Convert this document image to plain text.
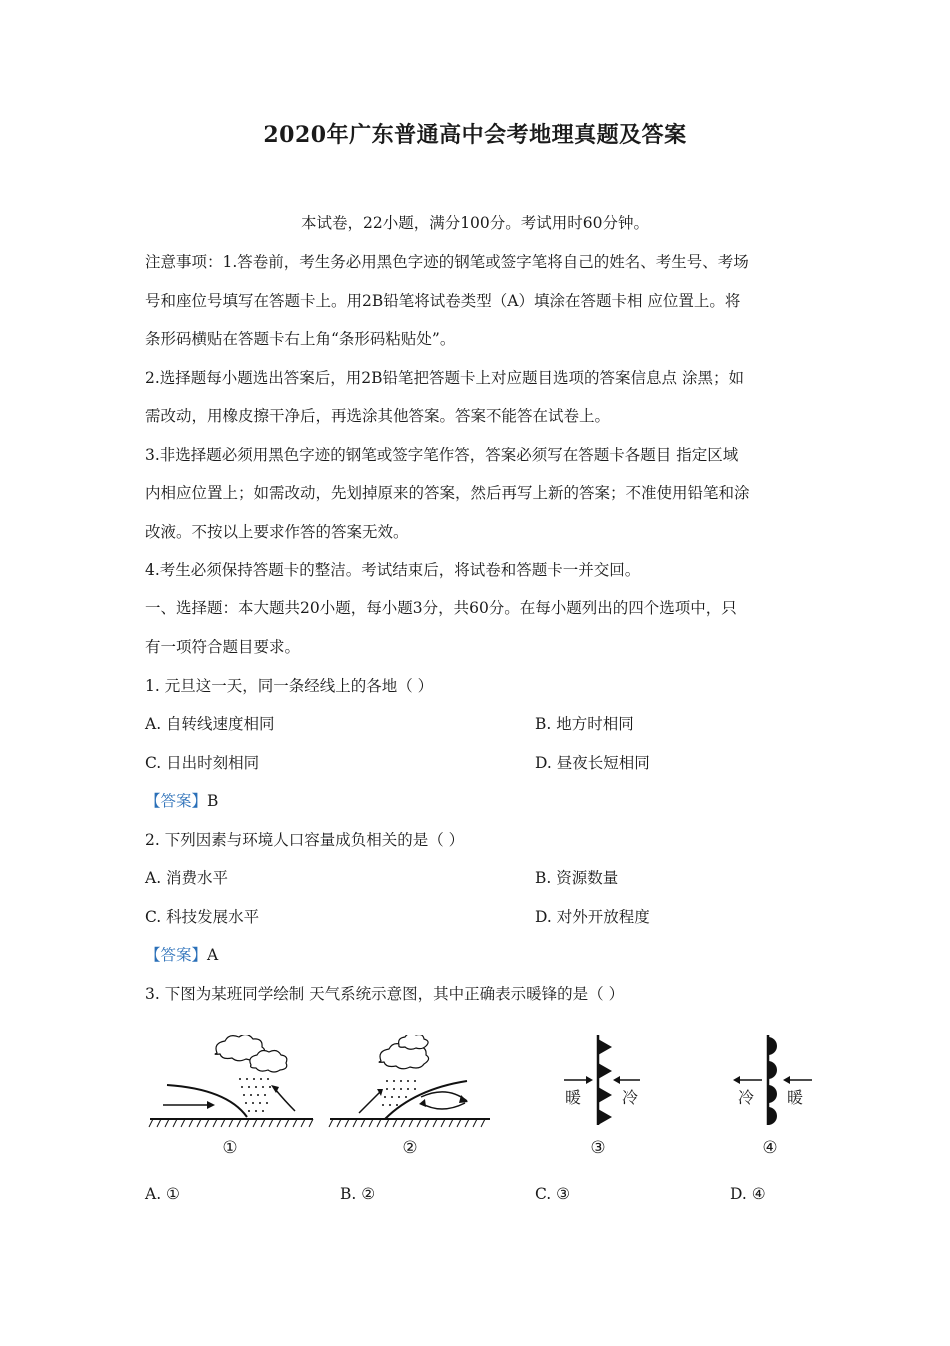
2020年广东普通高中会考地理真题及答案
本试卷，22小题，满分100分。考试用时60分钟。
注意事项：1.答卷前，考生务必用黑色字迹的钢笔或签字笔将自己的姓名、考生号、考场
号和座位号填写在答题卡上。用2B铅笔将试卷类型（A）填涂在答题卡相 应位置上。将
条形码横贴在答题卡右上角“条形码粘贴处”。
2.选择题每小题选出答案后，用2B铅笔把答题卡上对应题目选项的答案信息点 涂黑；如
需改动，用橡皮擦干净后，再选涂其他答案。答案不能答在试卷上。
3.非选择题必须用黑色字迹的钢笔或签字笔作答，答案必须写在答题卡各题目 指定区域
内相应位置上；如需改动，先划掉原来的答案，然后再写上新的答案；不准使用铅笔和涂
改液。不按以上要求作答的答案无效。
4.考生必须保持答题卡的整洁。考试结束后，将试卷和答题卡一并交回。
一、选择题：本大题共20小题，每小题3分，共60分。在每小题列出的四个选项中，只
有一项符合题目要求。
1. 元旦这一天，同一条经线上的各地（ ）
A. 自转线速度相同	B. 地方时相同
C. 日出时刻相同	D. 昼夜长短相同
【答案】B
2. 下列因素与环境人口容量成负相关的是（ ）
A. 消费水平	B. 资源数量
C. 科技发展水平	D. 对外开放程度
【答案】A
3. 下图为某班同学绘制 天气系统示意图，其中正确表示暖锋的是（ ）
①	②
暖	冷
③
冷 暖
④
A. ①	B. ②	C. ③	D. ④
